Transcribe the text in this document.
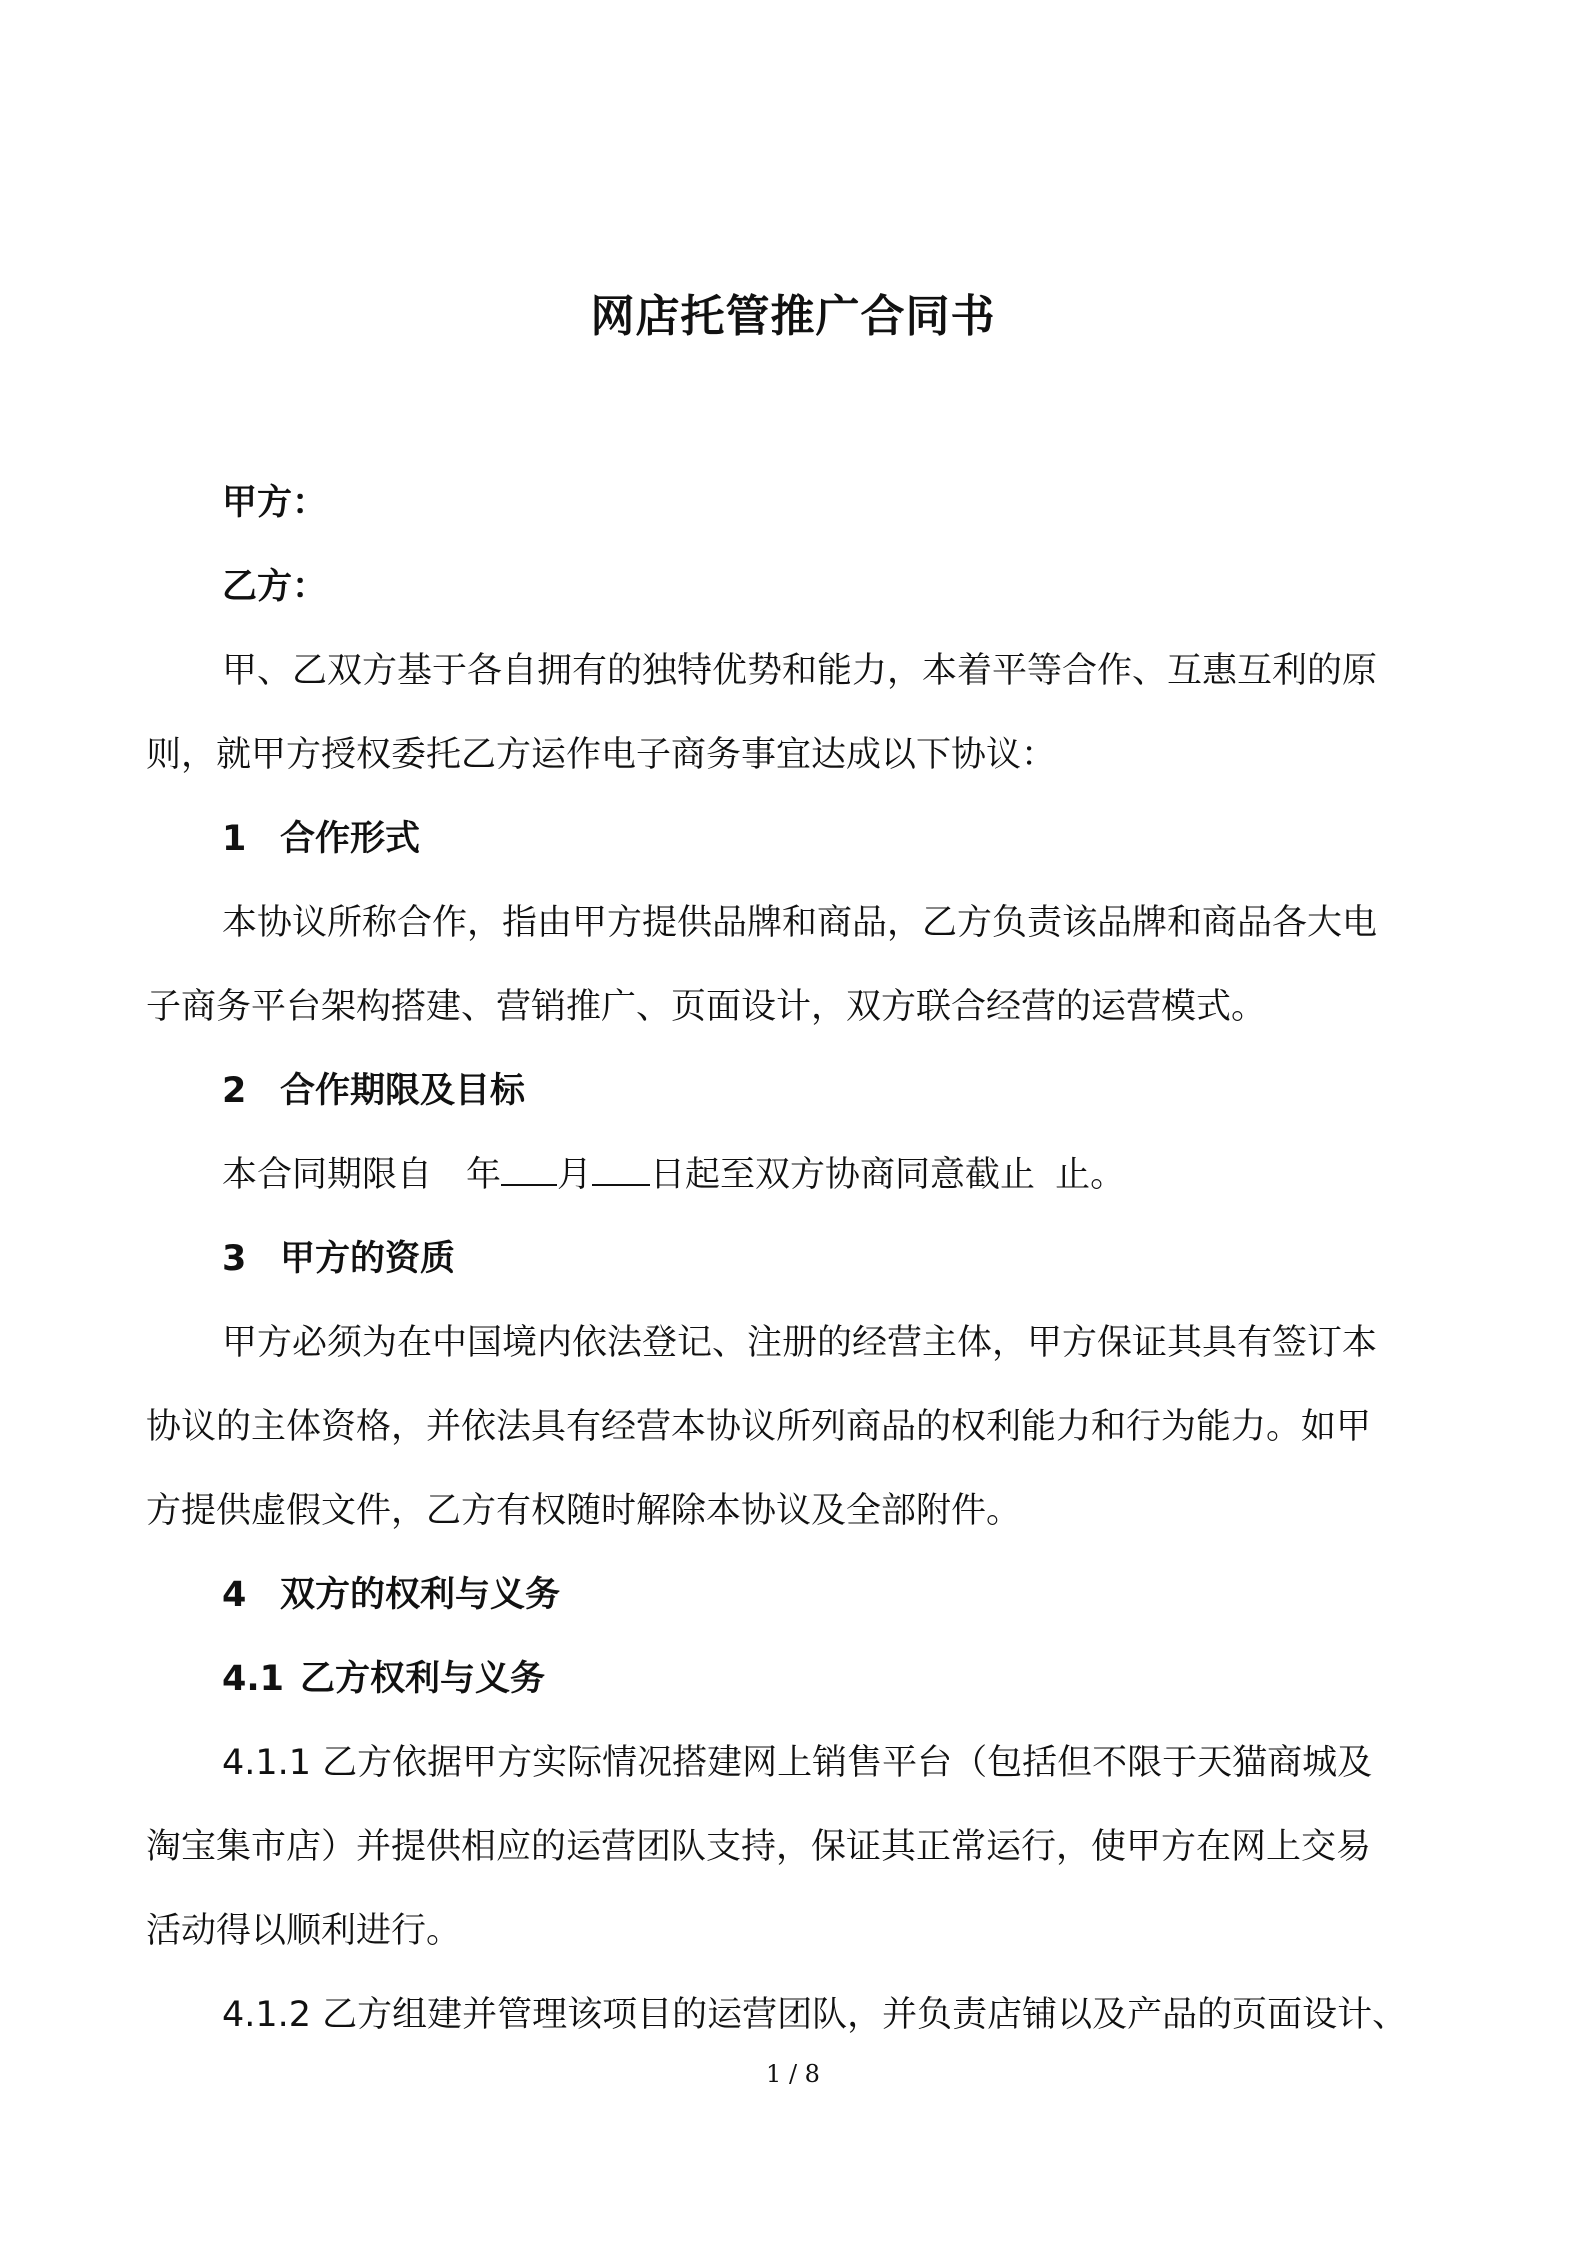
网店托管推广合同书
甲方：
乙方：
甲、乙双方基于各自拥有的独特优势和能力，本着平等合作、互惠互利的原
则，就甲方授权委托乙方运作电子商务事宜达成以下协议：
1 合作形式
本协议所称合作，指由甲方提供品牌和商品，乙方负责该品牌和商品各大电
子商务平台架构搭建、营销推广、页面设计，双方联合经营的运营模式。
2 合作期限及目标
本合同期限自 年 月 日起至双方协商同意截止 止。
3 甲方的资质
甲方必须为在中国境内依法登记、注册的经营主体，甲方保证其具有签订本
协议的主体资格，并依法具有经营本协议所列商品的权利能力和行为能力。如甲
方提供虚假文件，乙方有权随时解除本协议及全部附件。
4 双方的权利与义务
4.1 乙方权利与义务
4.1.1 乙方依据甲方实际情况搭建网上销售平台（包括但不限于天猫商城及
淘宝集市店）并提供相应的运营团队支持，保证其正常运行，使甲方在网上交易
活动得以顺利进行。
4.1.2 乙方组建并管理该项目的运营团队，并负责店铺以及产品的页面设计、
1 / 8
